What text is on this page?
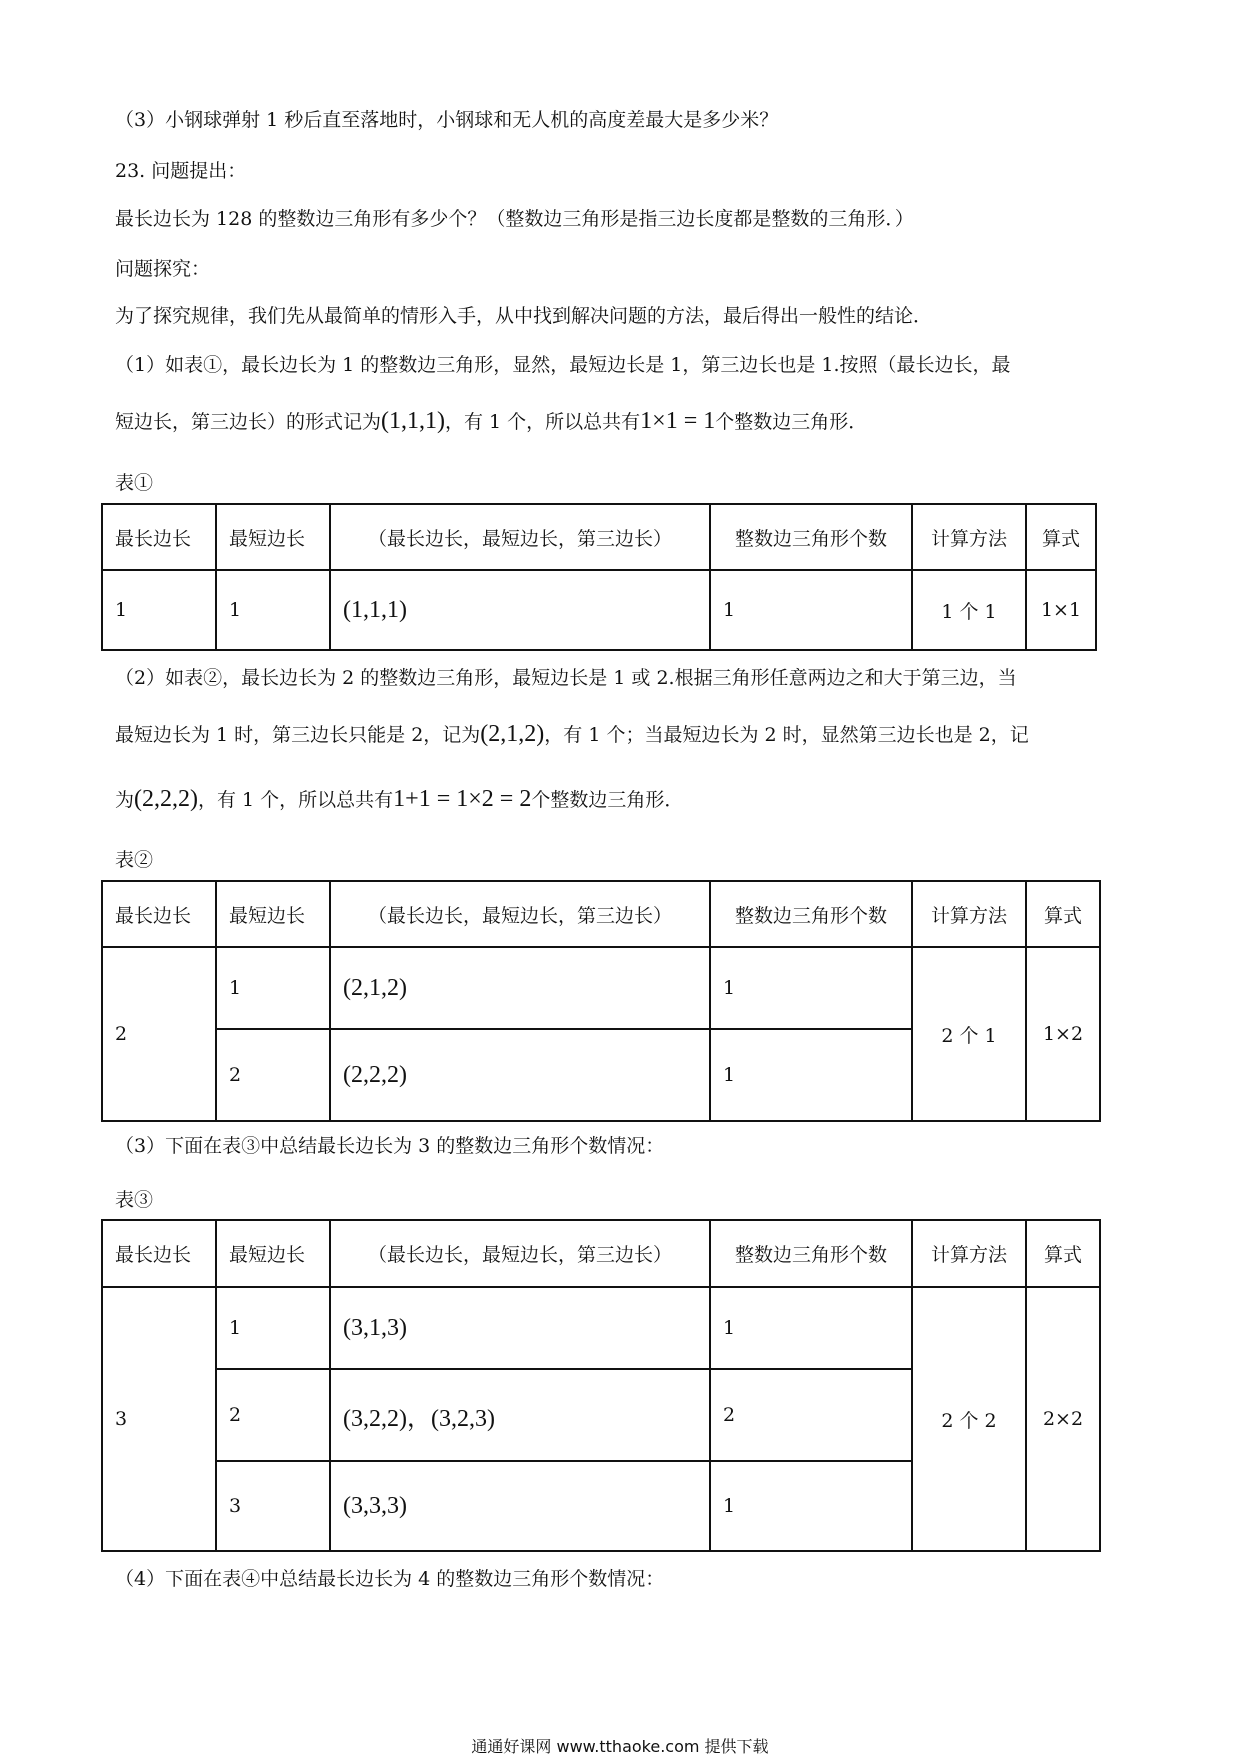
（3）小钢球弹射 1 秒后直至落地时，小钢球和无人机的高度差最大是多少米？
23. 问题提出：
最长边长为 128 的整数边三角形有多少个？（整数边三角形是指三边长度都是整数的三角形．）
问题探究：
为了探究规律，我们先从最简单的情形入手，从中找到解决问题的方法，最后得出一般性的结论．
（1）如表①，最长边长为 1 的整数边三角形，显然，最短边长是 1，第三边长也是 1.按照（最长边长，最
短边长，第三边长）的形式记为(1,1,1)，有 1 个，所以总共有1×1 = 1个整数边三角形．
表①
最长边长	最短边长	（最长边长，最短边长，第三边长）	整数边三角形个数	计算方法	算式
1	1	(1,1,1)	1	1 个 1	1×1
（2）如表②，最长边长为 2 的整数边三角形，最短边长是 1 或 2.根据三角形任意两边之和大于第三边，当
最短边长为 1 时，第三边长只能是 2，记为(2,1,2)，有 1 个；当最短边长为 2 时，显然第三边长也是 2，记
为(2,2,2)，有 1 个，所以总共有1+1 = 1×2 = 2个整数边三角形．
表②
最长边长	最短边长	（最长边长，最短边长，第三边长）	整数边三角形个数	计算方法	算式
2	1	(2,1,2)	1	2 个 1	1×2
	2	(2,2,2)	1		
（3）下面在表③中总结最长边长为 3 的整数边三角形个数情况：
表③
最长边长	最短边长	（最长边长，最短边长，第三边长）	整数边三角形个数	计算方法	算式
3	1	(3,1,3)	1	2 个 2	2×2
	2	(3,2,2)，(3,2,3)	2		
	3	(3,3,3)	1		
（4）下面在表④中总结最长边长为 4 的整数边三角形个数情况：
通通好课网 www.tthaoke.com 提供下载
